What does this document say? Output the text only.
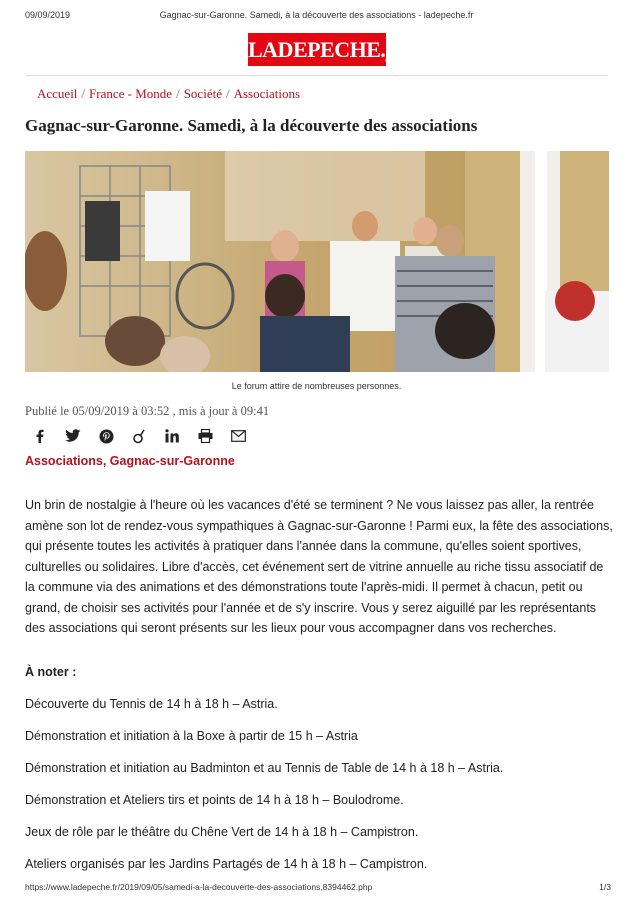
09/09/2019	Gagnac-sur-Garonne. Samedi, à la découverte des associations - ladepeche.fr
LADEPECHE.fr
Accueil / France - Monde / Société / Associations
Gagnac-sur-Garonne. Samedi, à la découverte des associations
Le forum attire de nombreuses personnes.
Publié le 05/09/2019 à 03:52 , mis à jour à 09:41
Associations, Gagnac-sur-Garonne

Un brin de nostalgie à l'heure où les vacances d'été se terminent ? Ne vous laissez pas aller, la rentrée amène son lot de rendez-vous sympathiques à Gagnac-sur-Garonne ! Parmi eux, la fête des associations, qui présente toutes les activités à pratiquer dans l'année dans la commune, qu'elles soient sportives, culturelles ou solidaires. Libre d'accès, cet événement sert de vitrine annuelle au riche tissu associatif de la commune via des animations et des démonstrations toute l'après-midi. Il permet à chacun, petit ou grand, de choisir ses activités pour l'année et de s'y inscrire. Vous y serez aiguillé par les représentants des associations qui seront présents sur les lieux pour vous accompagner dans vos recherches.

À noter :

Découverte du Tennis de 14 h à 18 h – Astria.

Démonstration et initiation à la Boxe à partir de 15 h – Astria

Démonstration et initiation au Badminton et au Tennis de Table de 14 h à 18 h – Astria.

Démonstration et Ateliers tirs et points de 14 h à 18 h – Boulodrome.

Jeux de rôle par le théâtre du Chêne Vert de 14 h à 18 h – Campistron.

Ateliers organisés par les Jardins Partagés de 14 h à 18 h – Campistron.

https://www.ladepeche.fr/2019/09/05/samedi-a-la-decouverte-des-associations,8394462.php	1/3
